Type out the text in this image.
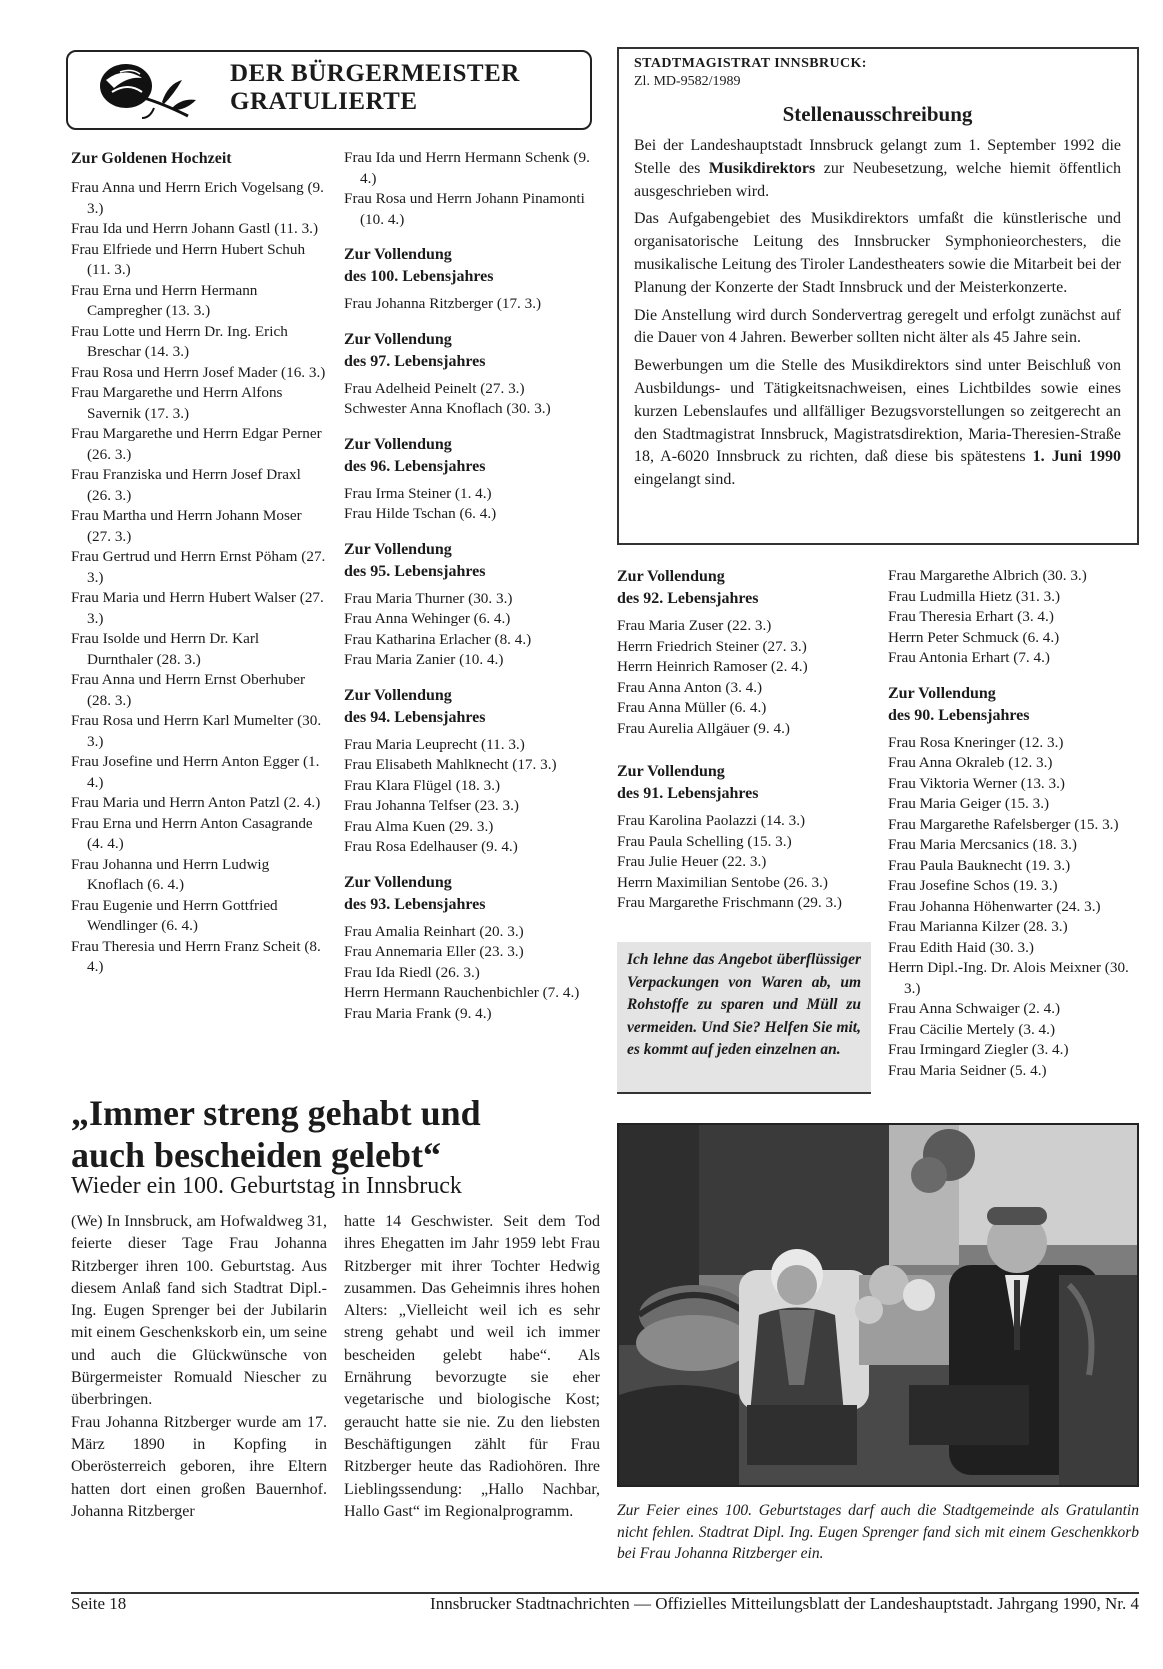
DER BÜRGERMEISTER
GRATULIERTE
Zur Goldenen Hochzeit
Frau Anna und Herrn Erich Vogelsang (9. 3.)
Frau Ida und Herrn Johann Gastl (11. 3.)
Frau Elfriede und Herrn Hubert Schuh (11. 3.)
Frau Erna und Herrn Hermann Campregher (13. 3.)
Frau Lotte und Herrn Dr. Ing. Erich Breschar (14. 3.)
Frau Rosa und Herrn Josef Mader (16. 3.)
Frau Margarethe und Herrn Alfons Savernik (17. 3.)
Frau Margarethe und Herrn Edgar Perner (26. 3.)
Frau Franziska und Herrn Josef Draxl (26. 3.)
Frau Martha und Herrn Johann Moser (27. 3.)
Frau Gertrud und Herrn Ernst Pöham (27. 3.)
Frau Maria und Herrn Hubert Walser (27. 3.)
Frau Isolde und Herrn Dr. Karl Durnthaler (28. 3.)
Frau Anna und Herrn Ernst Oberhuber (28. 3.)
Frau Rosa und Herrn Karl Mumelter (30. 3.)
Frau Josefine und Herrn Anton Egger (1. 4.)
Frau Maria und Herrn Anton Patzl (2. 4.)
Frau Erna und Herrn Anton Casagrande (4. 4.)
Frau Johanna und Herrn Ludwig Knoflach (6. 4.)
Frau Eugenie und Herrn Gottfried Wendlinger (6. 4.)
Frau Theresia und Herrn Franz Scheit (8. 4.)
Frau Ida und Herrn Hermann Schenk (9. 4.)
Frau Rosa und Herrn Johann Pinamonti (10. 4.)
Zur Vollendung
des 100. Lebensjahres
Frau Johanna Ritzberger (17. 3.)
Zur Vollendung
des 97. Lebensjahres
Frau Adelheid Peinelt (27. 3.)
Schwester Anna Knoflach (30. 3.)
Zur Vollendung
des 96. Lebensjahres
Frau Irma Steiner (1. 4.)
Frau Hilde Tschan (6. 4.)
Zur Vollendung
des 95. Lebensjahres
Frau Maria Thurner (30. 3.)
Frau Anna Wehinger (6. 4.)
Frau Katharina Erlacher (8. 4.)
Frau Maria Zanier (10. 4.)
Zur Vollendung
des 94. Lebensjahres
Frau Maria Leuprecht (11. 3.)
Frau Elisabeth Mahlknecht (17. 3.)
Frau Klara Flügel (18. 3.)
Frau Johanna Telfser (23. 3.)
Frau Alma Kuen (29. 3.)
Frau Rosa Edelhauser (9. 4.)
Zur Vollendung
des 93. Lebensjahres
Frau Amalia Reinhart (20. 3.)
Frau Annemaria Eller (23. 3.)
Frau Ida Riedl (26. 3.)
Herrn Hermann Rauchenbichler (7. 4.)
Frau Maria Frank (9. 4.)
STADTMAGISTRAT INNSBRUCK:
Zl. MD-9582/1989
Stellenausschreibung

Bei der Landeshauptstadt Innsbruck gelangt zum 1. September 1992 die Stelle des Musikdirektors zur Neubesetzung, welche hiemit öffentlich ausgeschrieben wird.

Das Aufgabengebiet des Musikdirektors umfaßt die künstlerische und organisatorische Leitung des Innsbrucker Symphonieorchesters, die musikalische Leitung des Tiroler Landestheaters sowie die Mitarbeit bei der Planung der Konzerte der Stadt Innsbruck und der Meisterkonzerte.

Die Anstellung wird durch Sondervertrag geregelt und erfolgt zunächst auf die Dauer von 4 Jahren. Bewerber sollten nicht älter als 45 Jahre sein.

Bewerbungen um die Stelle des Musikdirektors sind unter Beischluß von Ausbildungs- und Tätigkeitsnachweisen, eines Lichtbildes sowie eines kurzen Lebenslaufes und allfälliger Bezugsvorstellungen so zeitgerecht an den Stadtmagistrat Innsbruck, Magistratsdirektion, Maria-Theresien-Straße 18, A-6020 Innsbruck zu richten, daß diese bis spätestens 1. Juni 1990 eingelangt sind.

Zur Vollendung
des 92. Lebensjahres
Frau Maria Zuser (22. 3.)
Herrn Friedrich Steiner (27. 3.)
Herrn Heinrich Ramoser (2. 4.)
Frau Anna Anton (3. 4.)
Frau Anna Müller (6. 4.)
Frau Aurelia Allgäuer (9. 4.)
Zur Vollendung
des 91. Lebensjahres
Frau Karolina Paolazzi (14. 3.)
Frau Paula Schelling (15. 3.)
Frau Julie Heuer (22. 3.)
Herrn Maximilian Sentobe (26. 3.)
Frau Margarethe Frischmann (29. 3.)
Ich lehne das Angebot überflüssiger Verpackungen von Waren ab, um Rohstoffe zu sparen und Müll zu vermeiden. Und Sie? Helfen Sie mit, es kommt auf jeden einzelnen an.
Frau Margarethe Albrich (30. 3.)
Frau Ludmilla Hietz (31. 3.)
Frau Theresia Erhart (3. 4.)
Herrn Peter Schmuck (6. 4.)
Frau Antonia Erhart (7. 4.)
Zur Vollendung
des 90. Lebensjahres
Frau Rosa Kneringer (12. 3.)
Frau Anna Okraleb (12. 3.)
Frau Viktoria Werner (13. 3.)
Frau Maria Geiger (15. 3.)
Frau Margarethe Rafelsberger (15. 3.)
Frau Maria Mercsanics (18. 3.)
Frau Paula Bauknecht (19. 3.)
Frau Josefine Schos (19. 3.)
Frau Johanna Höhenwarter (24. 3.)
Frau Marianna Kilzer (28. 3.)
Frau Edith Haid (30. 3.)
Herrn Dipl.-Ing. Dr. Alois Meixner (30. 3.)
Frau Anna Schwaiger (2. 4.)
Frau Cäcilie Mertely (3. 4.)
Frau Irmingard Ziegler (3. 4.)
Frau Maria Seidner (5. 4.)
„Immer streng gehabt und
auch bescheiden gelebt“
Wieder ein 100. Geburtstag in Innsbruck

(We) In Innsbruck, am Hofwaldweg 31, feierte dieser Tage Frau Johanna Ritzberger ihren 100. Geburtstag. Aus diesem Anlaß fand sich Stadtrat Dipl.-Ing. Eugen Sprenger bei der Jubilarin mit einem Geschenkskorb ein, um seine und auch die Glückwünsche von Bürgermeister Romuald Niescher zu überbringen.

Frau Johanna Ritzberger wurde am 17. März 1890 in Kopfing in Oberösterreich geboren, ihre Eltern hatten dort einen großen Bauernhof. Johanna Ritzberger

hatte 14 Geschwister. Seit dem Tod ihres Ehegatten im Jahr 1959 lebt Frau Ritzberger mit ihrer Tochter Hedwig zusammen. Das Geheimnis ihres hohen Alters: „Vielleicht weil ich es sehr streng gehabt und weil ich immer bescheiden gelebt habe“. Als Ernährung bevorzugte sie eher vegetarische und biologische Kost; geraucht hatte sie nie. Zu den liebsten Beschäftigungen zählt für Frau Ritzberger heute das Radiohören. Ihre Lieblingssendung: „Hallo Nachbar, Hallo Gast“ im Regionalprogramm.	Zur Feier eines 100. Geburtstages darf auch die Stadtgemeinde als Gratulantin nicht fehlen. Stadtrat Dipl. Ing. Eugen Sprenger fand sich mit einem Geschenkkorb bei Frau Johanna Ritzberger ein.
Seite 18	Innsbrucker Stadtnachrichten — Offizielles Mitteilungsblatt der Landeshauptstadt. Jahrgang 1990, Nr. 4
